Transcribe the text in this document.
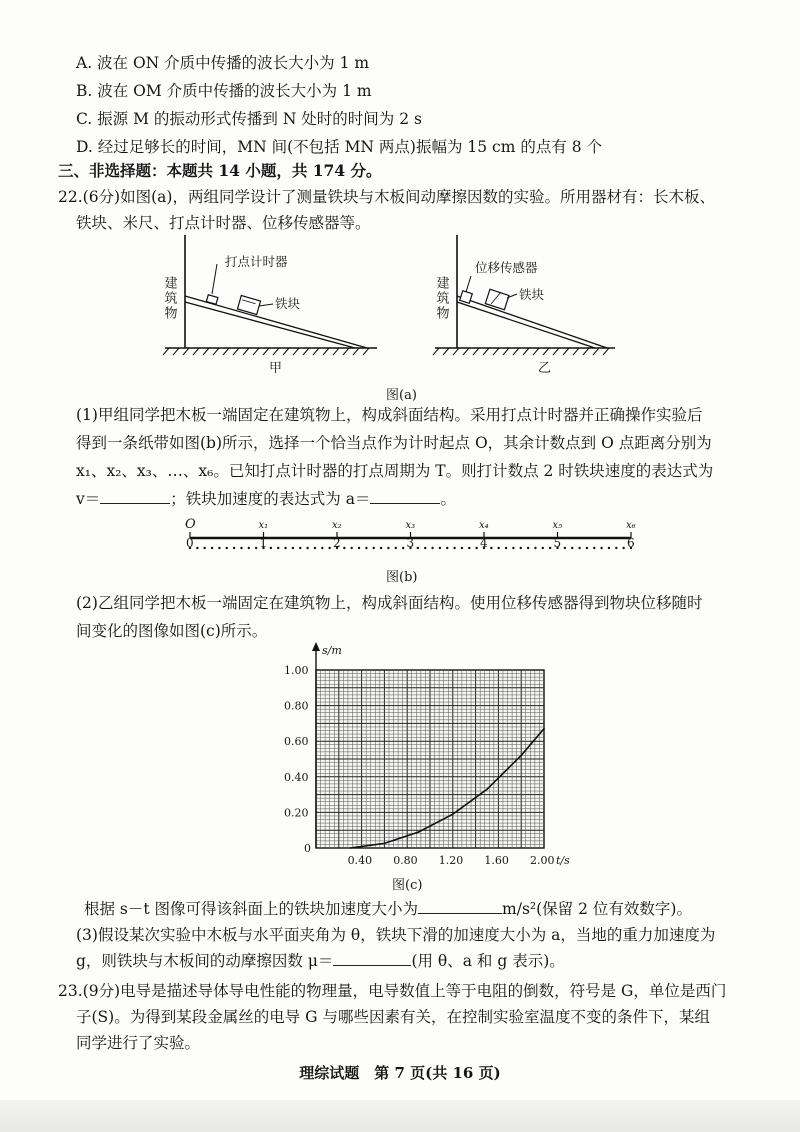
A. 波在 ON 介质中传播的波长大小为 1 m
B. 波在 OM 介质中传播的波长大小为 1 m
C. 振源 M 的振动形式传播到 N 处时的时间为 2 s
D. 经过足够长的时间，MN 间(不包括 MN 两点)振幅为 15 cm 的点有 8 个
三、非选择题：本题共 14 小题，共 174 分。
22.(6分)如图(a)，两组同学设计了测量铁块与木板间动摩擦因数的实验。所用器材有：长木板、
铁块、米尺、打点计时器、位移传感器等。
建筑物
打点计时器
铁块
甲
建筑物
位移传感器
铁块
乙
图(a)
(1)甲组同学把木板一端固定在建筑物上，构成斜面结构。采用打点计时器并正确操作实验后
得到一条纸带如图(b)所示，选择一个恰当点作为计时起点 O，其余计数点到 O 点距离分别为
x₁、x₂、x₃、…、x₆。已知打点计时器的打点周期为 T。则打计数点 2 时铁块速度的表达式为
v＝	；铁块加速度的表达式为 a＝	。
O	x₁	x₂	x₃	x₄	x₅	x₆
0	1	2	3	4	5	6
图(b)
(2)乙组同学把木板一端固定在建筑物上，构成斜面结构。使用位移传感器得到物块位移随时
间变化的图像如图(c)所示。
s/m
0
1.00
0.80
0.60
0.40
0.20
0.40 0.80 1.20 1.60 2.00 t/s
图(c)
根据 s－t 图像可得该斜面上的铁块加速度大小为	m/s²(保留 2 位有效数字)。
(3)假设某次实验中木板与水平面夹角为 θ，铁块下滑的加速度大小为 a，当地的重力加速度为
g，则铁块与木板间的动摩擦因数 μ＝	(用 θ、a 和 g 表示)。
23.(9分)电导是描述导体导电性能的物理量，电导数值上等于电阻的倒数，符号是 G，单位是西门
子(S)。为得到某段金属丝的电导 G 与哪些因素有关，在控制实验室温度不变的条件下，某组
同学进行了实验。
理综试题　第 7 页(共 16 页)
